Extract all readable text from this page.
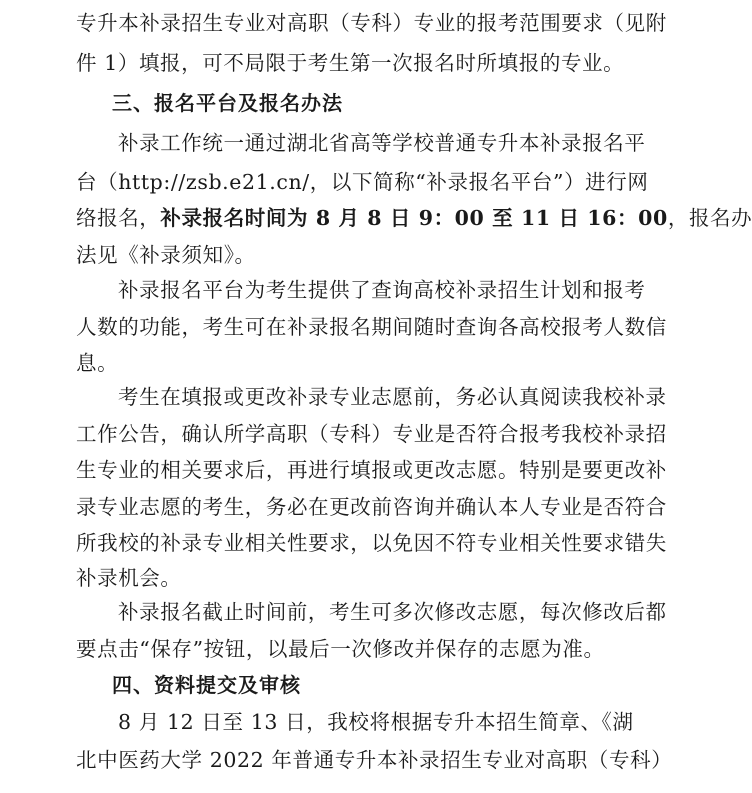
专升本补录招生专业对高职（专科）专业的报考范围要求（见附
件 1）填报，可不局限于考生第一次报名时所填报的专业。
三、报名平台及报名办法
补录工作统一通过湖北省高等学校普通专升本补录报名平
台（http://zsb.e21.cn/，以下简称“补录报名平台”）进行网
络报名，补录报名时间为 8 月 8 日 9：00 至 11 日 16：00，报名办
法见《补录须知》。
补录报名平台为考生提供了查询高校补录招生计划和报考
人数的功能，考生可在补录报名期间随时查询各高校报考人数信
息。
考生在填报或更改补录专业志愿前，务必认真阅读我校补录
工作公告，确认所学高职（专科）专业是否符合报考我校补录招
生专业的相关要求后，再进行填报或更改志愿。特别是要更改补
录专业志愿的考生，务必在更改前咨询并确认本人专业是否符合
所我校的补录专业相关性要求，以免因不符专业相关性要求错失
补录机会。
补录报名截止时间前，考生可多次修改志愿，每次修改后都
要点击“保存”按钮，以最后一次修改并保存的志愿为准。
四、资料提交及审核
8 月 12 日至 13 日，我校将根据专升本招生简章、《湖
北中医药大学 2022 年普通专升本补录招生专业对高职（专科）
